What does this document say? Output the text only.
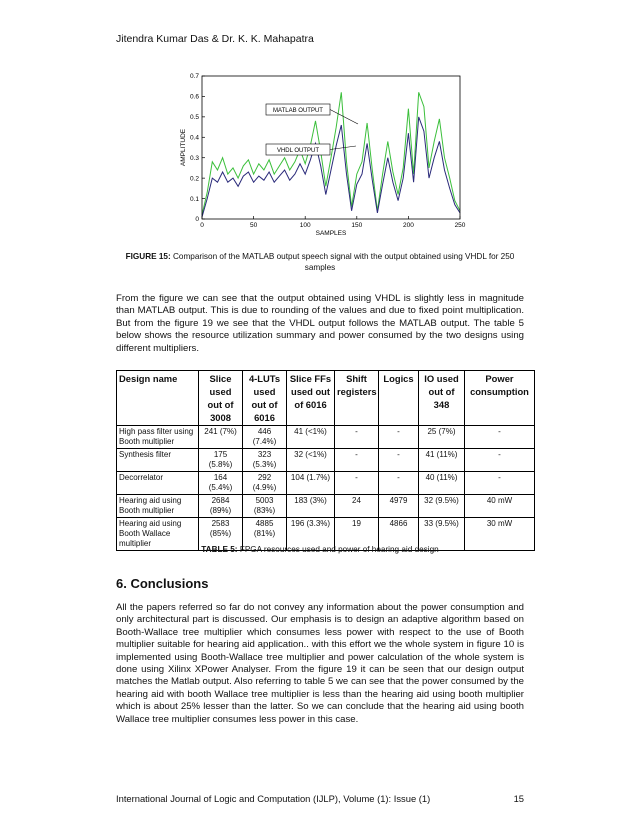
Jitendra Kumar Das & Dr. K. K. Mahapatra
0	50	100	150	200	250
0
0.1
0.2
0.3
0.4
0.5
0.6
0.7
SAMPLES
AMPLITUDE
MATLAB OUTPUT
VHDL OUTPUT
FIGURE 15: Comparison of the MATLAB output speech signal with the output obtained using VHDL for 250 samples
From the figure we can see that the output obtained using VHDL is slightly less in magnitude than MATLAB output. This is due to rounding of the values and due to fixed point multiplication. But from the figure 19 we see that the VHDL output follows the MATLAB output. The table 5 below shows the resource utilization summary and power consumed by the two designs using different multipliers.
Design name	Slice used out of 3008	4-LUTs used out of 6016	Slice FFs used out of 6016	Shift registers	Logics	IO used out of 348	Power consumption
High pass filter using Booth multiplier	241 (7%)	446 (7.4%)	41 (<1%)	-	-	25 (7%)	-
Synthesis filter	175 (5.8%)	323 (5.3%)	32 (<1%)	-	-	41 (11%)	-
Decorrelator	164 (5.4%)	292 (4.9%)	104 (1.7%)	-	-	40 (11%)	-
Hearing aid using Booth multiplier	2684 (89%)	5003 (83%)	183 (3%)	24	4979	32 (9.5%)	40 mW
Hearing aid using Booth Wallace multiplier	2583 (85%)	4885 (81%)	196 (3.3%)	19	4866	33 (9.5%)	30 mW
TABLE 5: FPGA resources used and power of hearing aid design
6. Conclusions
All the papers referred so far do not convey any information about the power consumption and only architectural part is discussed. Our emphasis is to design an adaptive algorithm based on Booth-Wallace tree multiplier which consumes less power with respect to the use of Booth multiplier suitable for hearing aid application.. with this effort we the whole system in figure 10 is implemented using Booth-Wallace tree multiplier and power calculation of the whole system is done using Xilinx XPower Analyser. From the figure 19 it can be seen that our design output matches the Matlab output. Also referring to table 5 we can see that the power consumed by the hearing aid with booth Wallace tree multiplier is less than the hearing aid using booth multiplier which is about 25% lesser than the latter. So we can conclude that the hearing aid using booth Wallace tree multiplier consumes less power in this case.
International Journal of Logic and Computation (IJLP), Volume (1): Issue (1)	15
